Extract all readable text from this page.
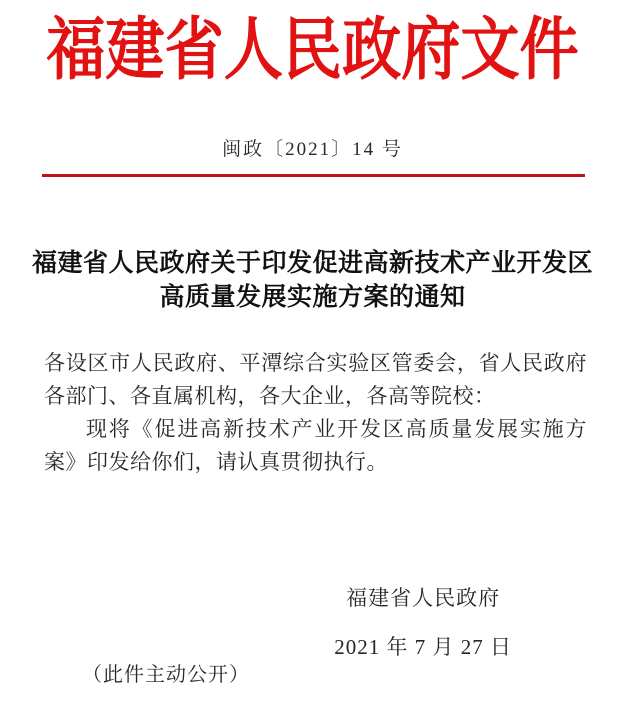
福建省人民政府文件
闽政〔2021〕14 号
福建省人民政府关于印发促进高新技术产业开发区
高质量发展实施方案的通知

各设区市人民政府、平潭综合实验区管委会，省人民政府各部门、各直属机构，各大企业，各高等院校：

现将《促进高新技术产业开发区高质量发展实施方案》印发给你们，请认真贯彻执行。

福建省人民政府
2021 年 7 月 27 日
（此件主动公开）
